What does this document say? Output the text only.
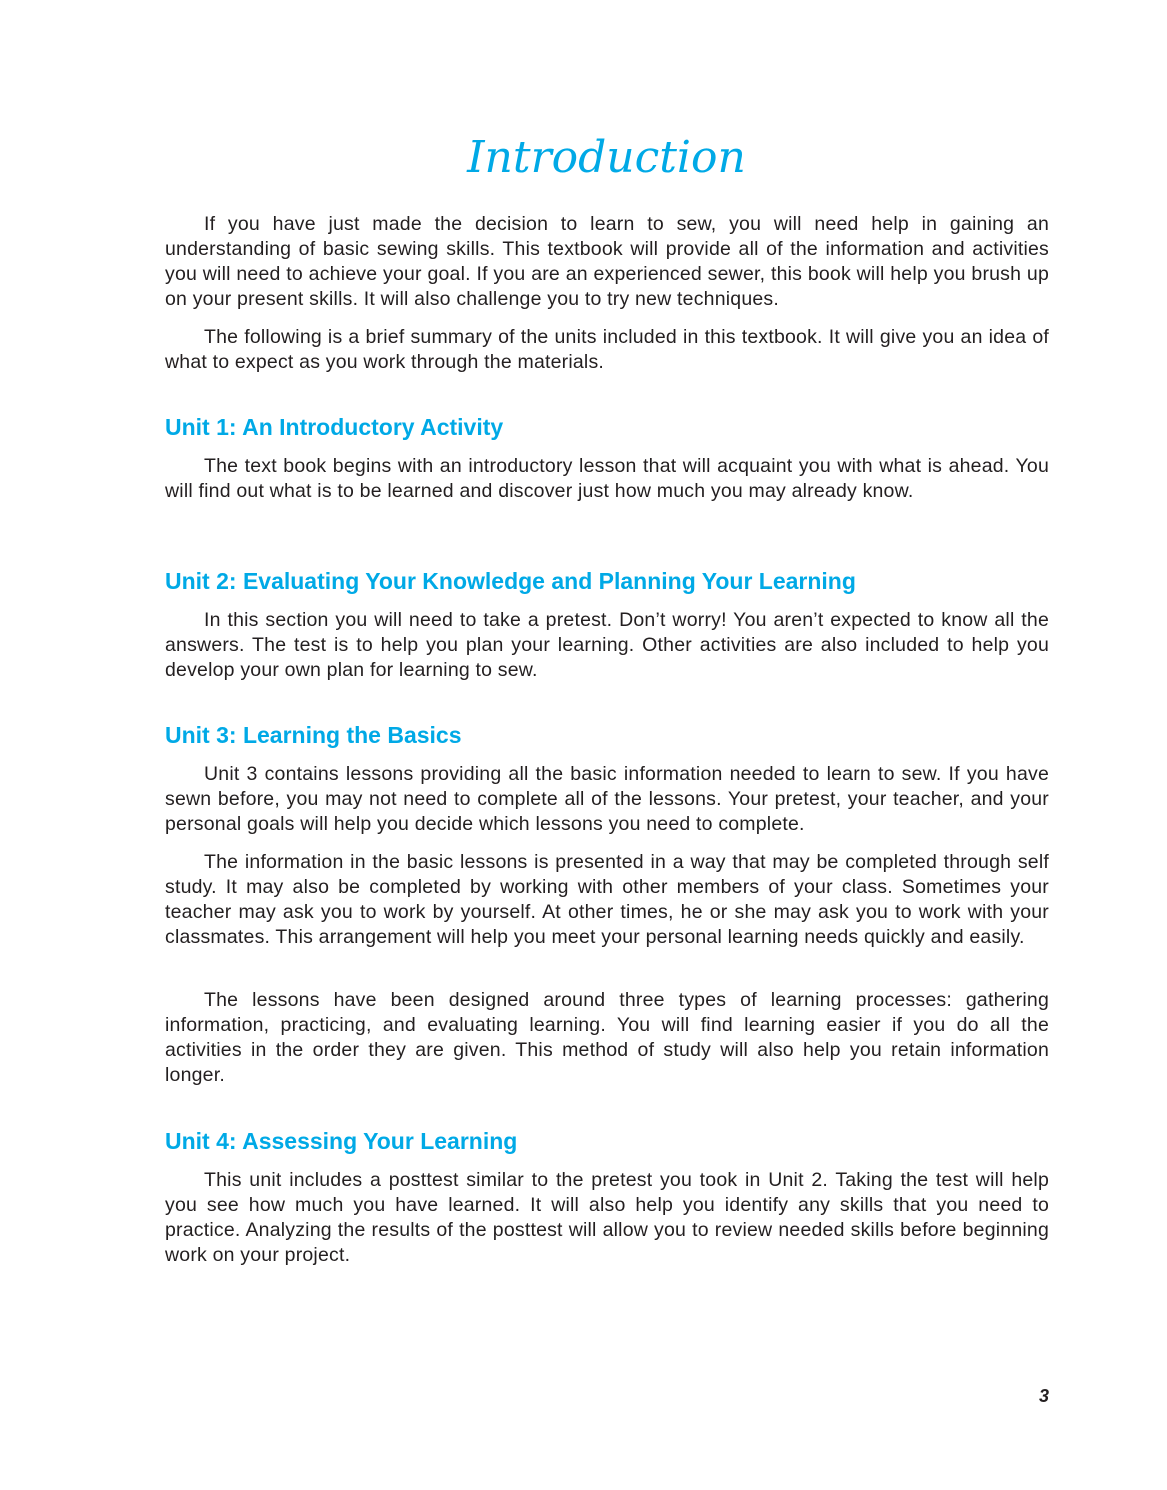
Introduction

If you have just made the decision to learn to sew, you will need help in gaining an understanding of basic sewing skills. This textbook will provide all of the information and activities you will need to achieve your goal. If you are an experienced sewer, this book will help you brush up on your present skills. It will also challenge you to try new techniques.

The following is a brief summary of the units included in this textbook. It will give you an idea of what to expect as you work through the materials.

Unit 1: An Introductory Activity

The text book begins with an introductory lesson that will acquaint you with what is ahead. You will find out what is to be learned and discover just how much you may already know.

Unit 2: Evaluating Your Knowledge and Planning Your Learning

In this section you will need to take a pretest. Don’t worry! You aren’t expected to know all the answers. The test is to help you plan your learning. Other activities are also included to help you develop your own plan for learning to sew.

Unit 3: Learning the Basics

Unit 3 contains lessons providing all the basic information needed to learn to sew. If you have sewn before, you may not need to complete all of the lessons. Your pretest, your teacher, and your personal goals will help you decide which lessons you need to complete.

The information in the basic lessons is presented in a way that may be completed through self study. It may also be completed by working with other members of your class. Sometimes your teacher may ask you to work by yourself. At other times, he or she may ask you to work with your classmates. This arrangement will help you meet your personal learning needs quickly and easily.

The lessons have been designed around three types of learning processes: gathering information, practicing, and evaluating learning. You will find learning easier if you do all the activities in the order they are given. This method of study will also help you retain information longer.

Unit 4: Assessing Your Learning

This unit includes a posttest similar to the pretest you took in Unit 2. Taking the test will help you see how much you have learned. It will also help you identify any skills that you need to practice. Analyzing the results of the posttest will allow you to review needed skills before beginning work on your project.

3
